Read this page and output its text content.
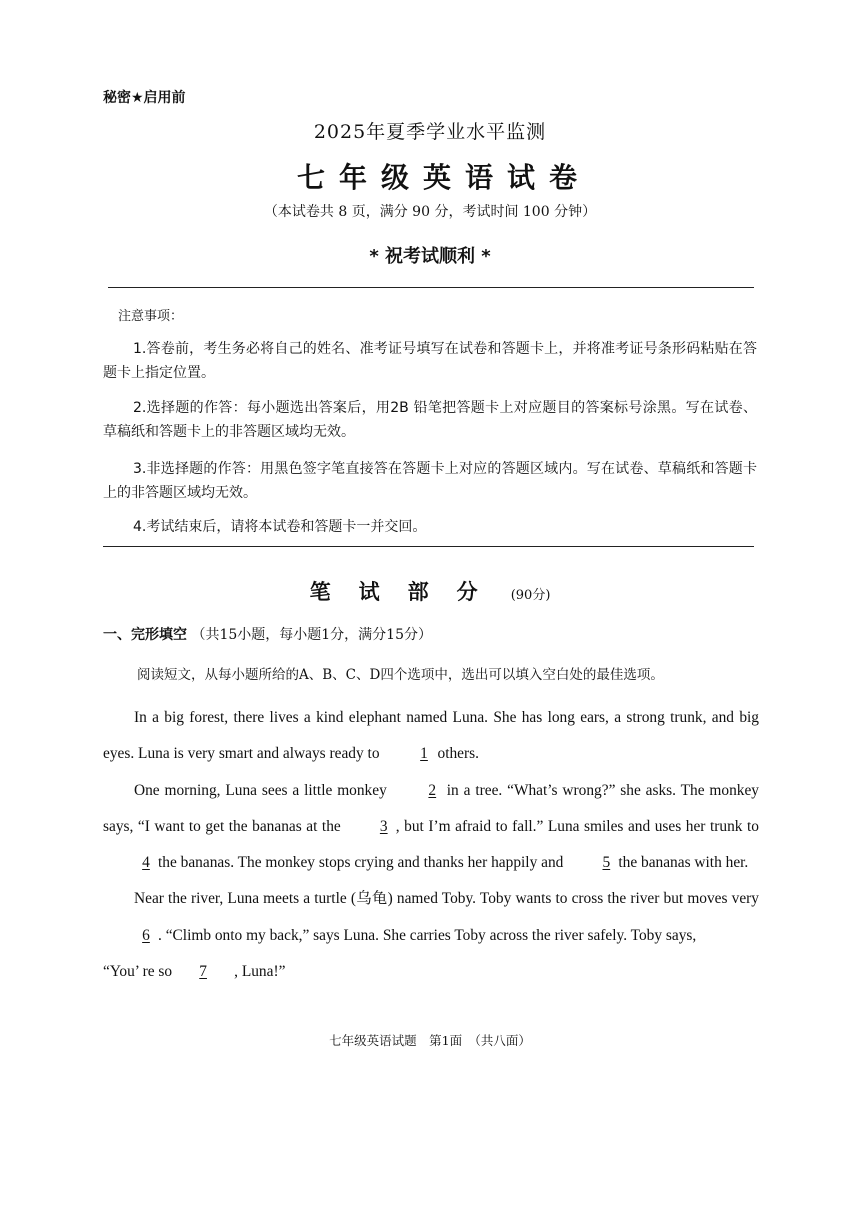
秘密★启用前
2025年夏季学业水平监测
七年级英语试卷
（本试卷共 8 页，满分 90 分，考试时间 100 分钟）
* 祝考试顺利 *
注意事项：
1.答卷前，考生务必将自己的姓名、准考证号填写在试卷和答题卡上，并将准考证号条形码粘贴在答题卡上指定位置。
2.选择题的作答：每小题选出答案后，用2B 铅笔把答题卡上对应题目的答案标号涂黑。写在试卷、草稿纸和答题卡上的非答题区域均无效。
3.非选择题的作答：用黑色签字笔直接答在答题卡上对应的答题区域内。写在试卷、草稿纸和答题卡上的非答题区域均无效。
4.考试结束后，请将本试卷和答题卡一并交回。
笔试部分 (90分)
一、完形填空 （共15小题，每小题1分，满分15分）
阅读短文，从每小题所给的A、B、C、D四个选项中，选出可以填入空白处的最佳选项。

In a big forest, there lives a kind elephant named Luna. She has long ears, a strong trunk, and big eyes. Luna is very smart and always ready to	1 others.

One morning, Luna sees a little monkey	2 in a tree. “What’s wrong?” she asks. The monkey says, “I want to get the bananas at the	3 , but I’m afraid to fall.” Luna smiles and uses her trunk to4 the bananas. The monkey stops crying and thanks her happily and	5 the bananas with her.

Near the river, Luna meets a turtle (乌龟) named Toby. Toby wants to cross the river but moves very6 . “Climb onto my back,” says Luna. She carries Toby across the river safely. Toby says,

“You’ re so 7 , Luna!”

七年级英语试题　第1面　（共八面）
